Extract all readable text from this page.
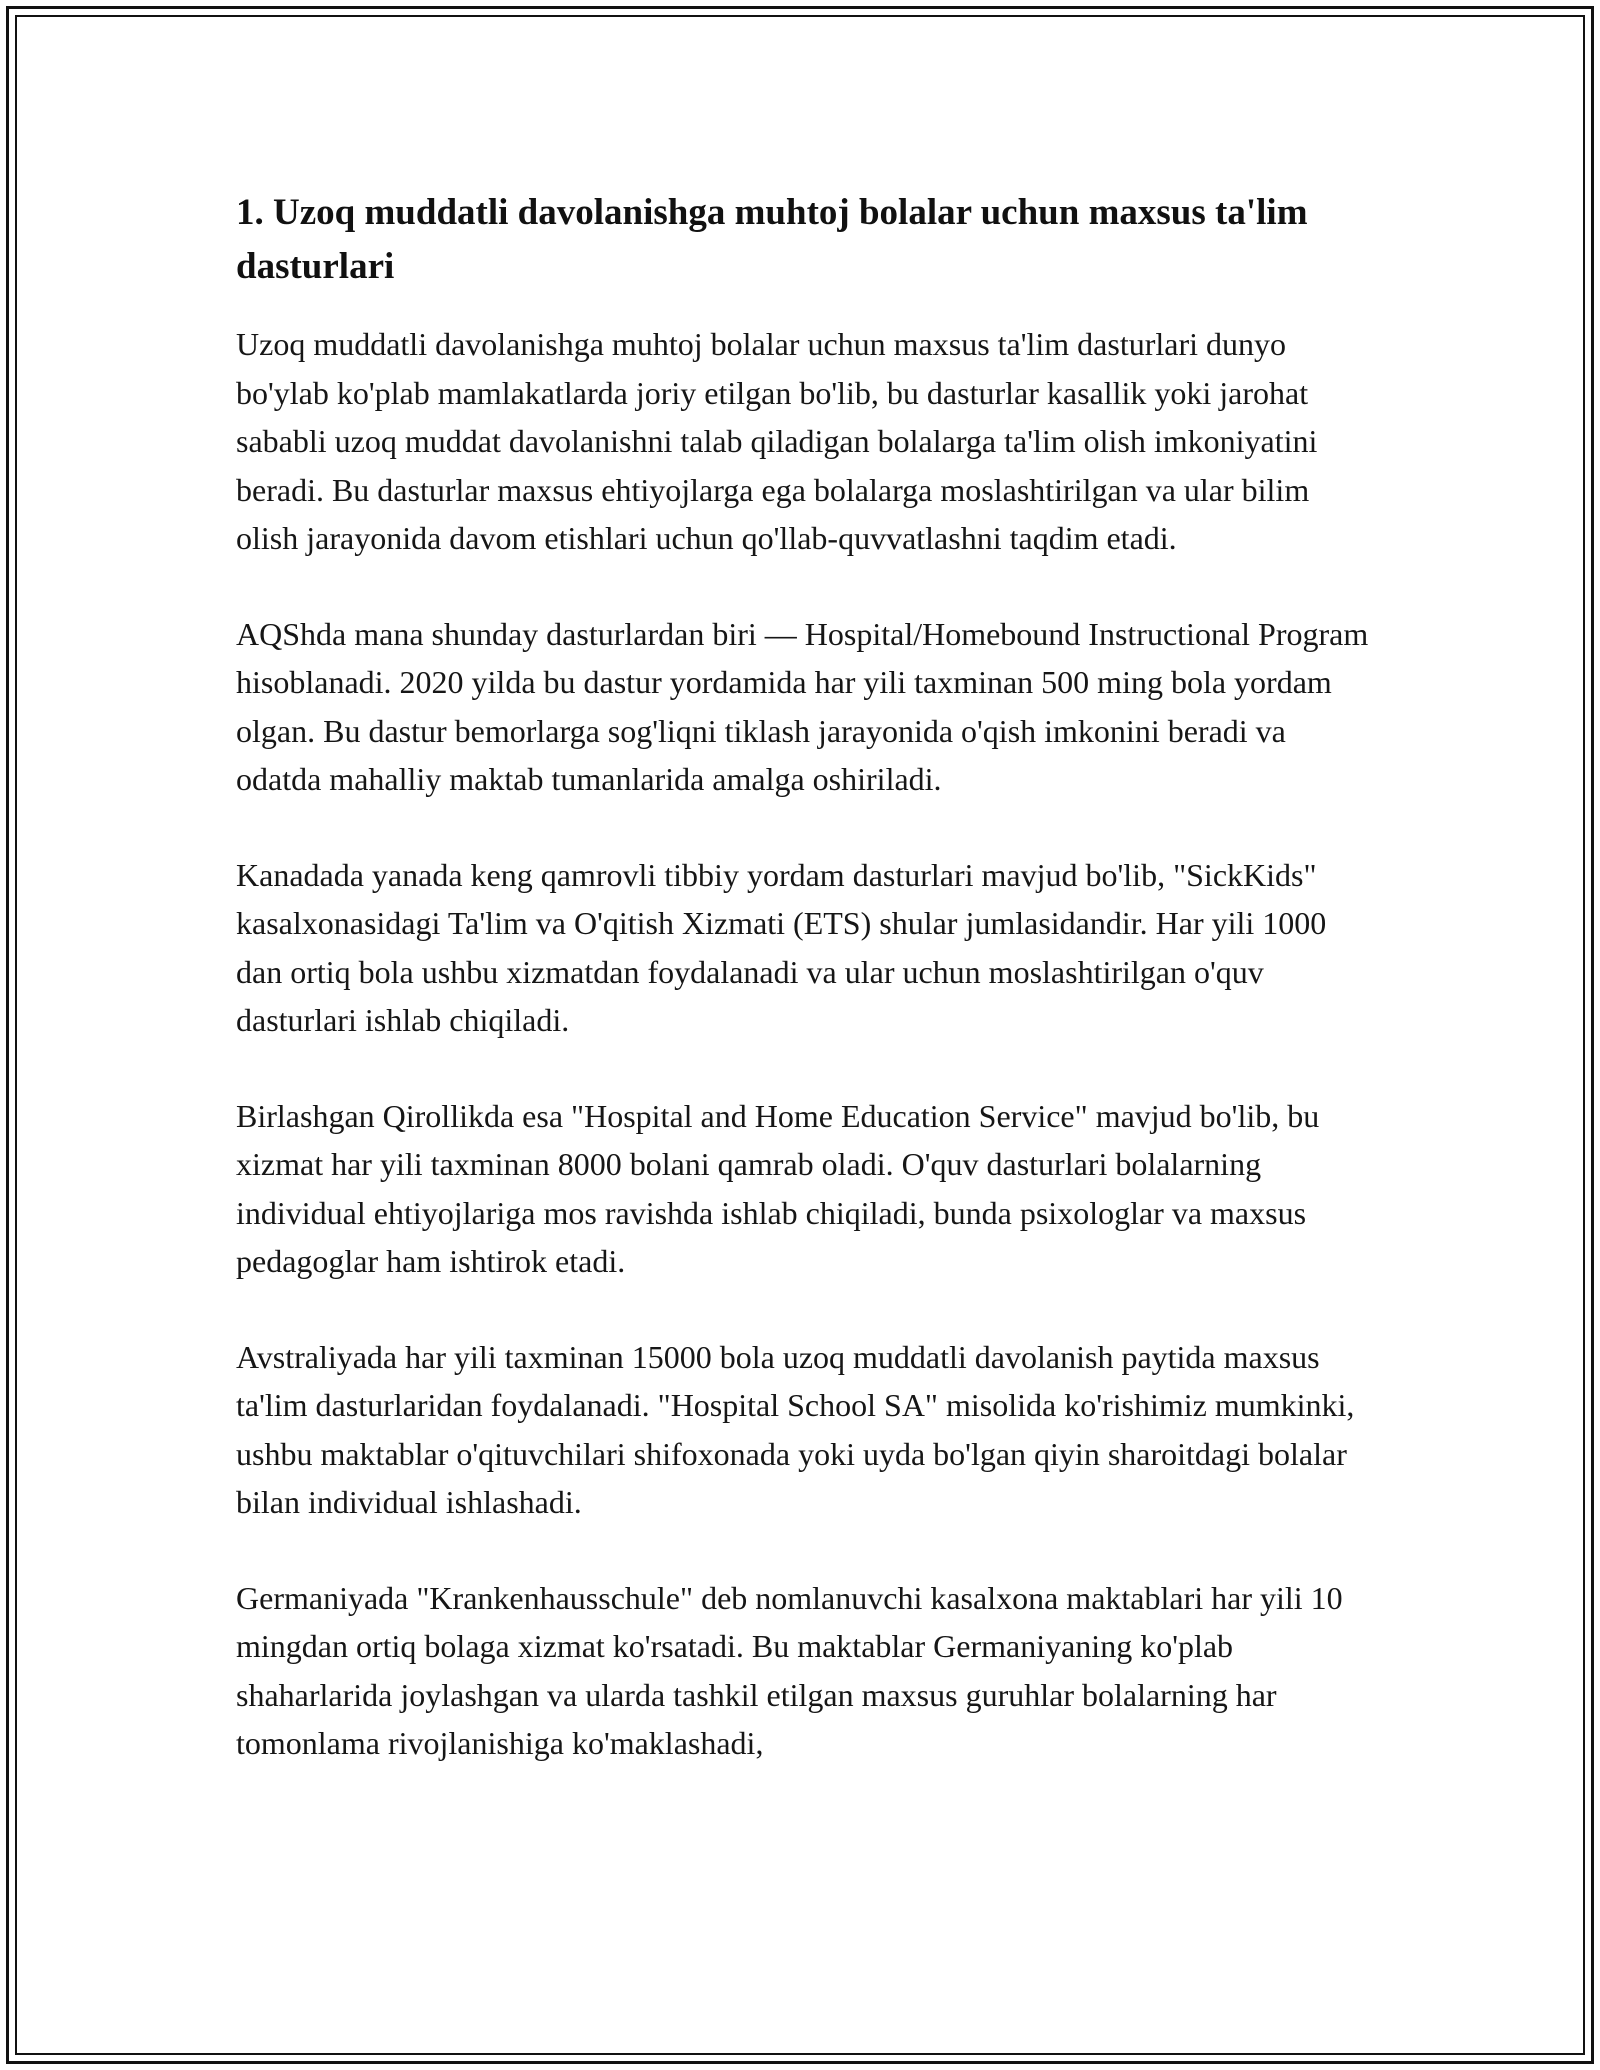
1. Uzoq muddatli davolanishga muhtoj bolalar uchun maxsus ta'lim dasturlari

Uzoq muddatli davolanishga muhtoj bolalar uchun maxsus ta'lim dasturlari dunyo bo'ylab ko'plab mamlakatlarda joriy etilgan bo'lib, bu dasturlar kasallik yoki jarohat sababli uzoq muddat davolanishni talab qiladigan bolalarga ta'lim olish imkoniyatini beradi. Bu dasturlar maxsus ehtiyojlarga ega bolalarga moslashtirilgan va ular bilim olish jarayonida davom etishlari uchun qo'llab-quvvatlashni taqdim etadi.

AQShda mana shunday dasturlardan biri — Hospital/Homebound Instructional Program hisoblanadi. 2020 yilda bu dastur yordamida har yili taxminan 500 ming bola yordam olgan. Bu dastur bemorlarga sog'liqni tiklash jarayonida o'qish imkonini beradi va odatda mahalliy maktab tumanlarida amalga oshiriladi.

Kanadada yanada keng qamrovli tibbiy yordam dasturlari mavjud bo'lib, "SickKids" kasalxonasidagi Ta'lim va O'qitish Xizmati (ETS) shular jumlasidandir. Har yili 1000 dan ortiq bola ushbu xizmatdan foydalanadi va ular uchun moslashtirilgan o'quv dasturlari ishlab chiqiladi.

Birlashgan Qirollikda esa "Hospital and Home Education Service" mavjud bo'lib, bu xizmat har yili taxminan 8000 bolani qamrab oladi. O'quv dasturlari bolalarning individual ehtiyojlariga mos ravishda ishlab chiqiladi, bunda psixologlar va maxsus pedagoglar ham ishtirok etadi.

Avstraliyada har yili taxminan 15000 bola uzoq muddatli davolanish paytida maxsus ta'lim dasturlaridan foydalanadi. "Hospital School SA" misolida ko'rishimiz mumkinki, ushbu maktablar o'qituvchilari shifoxonada yoki uyda bo'lgan qiyin sharoitdagi bolalar bilan individual ishlashadi.

Germaniyada "Krankenhausschule" deb nomlanuvchi kasalxona maktablari har yili 10 mingdan ortiq bolaga xizmat ko'rsatadi. Bu maktablar Germaniyaning ko'plab shaharlarida joylashgan va ularda tashkil etilgan maxsus guruhlar bolalarning har tomonlama rivojlanishiga ko'maklashadi,
